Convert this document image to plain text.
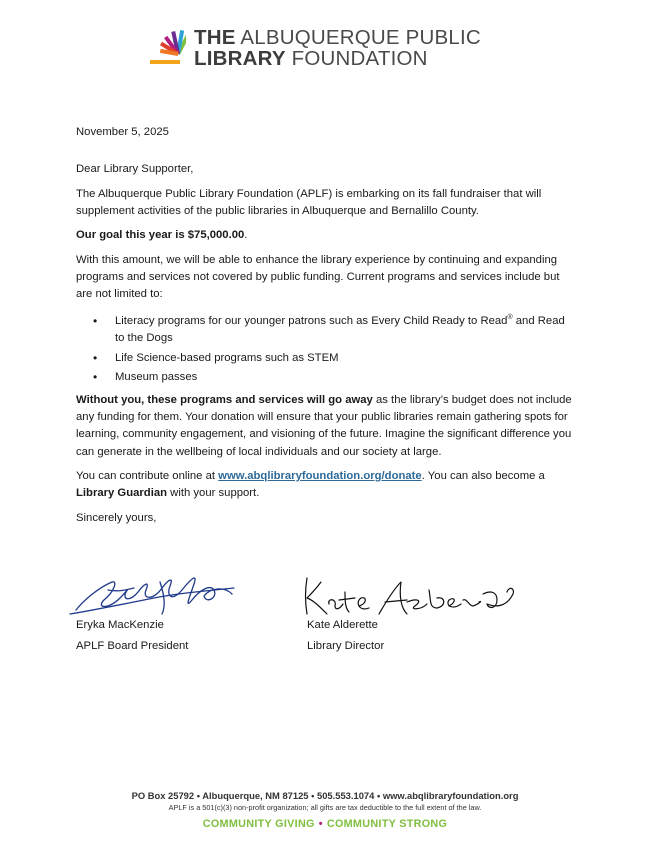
THE ALBUQUERQUE PUBLIC
LIBRARY FOUNDATION

November 5, 2025

Dear Library Supporter,

The Albuquerque Public Library Foundation (APLF) is embarking on its fall fundraiser that will supplement activities of the public libraries in Albuquerque and Bernalillo County.

Our goal this year is $75,000.00.

With this amount, we will be able to enhance the library experience by continuing and expanding programs and services not covered by public funding. Current programs and services include but are not limited to:

• Literacy programs for our younger patrons such as Every Child Ready to Read® and Read to the Dogs
• Life Science-based programs such as STEM
• Museum passes

Without you, these programs and services will go away as the library’s budget does not include any funding for them. Your donation will ensure that your public libraries remain gathering spots for learning, community engagement, and visioning of the future. Imagine the significant difference you can generate in the wellbeing of local individuals and our society at large.

You can contribute online at www.abqlibraryfoundation.org/donate. You can also become a Library Guardian with your support.

Sincerely yours,

Eryka MacKenzie
APLF Board President
Kate Alderette
Library Director
PO Box 25792 • Albuquerque, NM 87125 • 505.553.1074 • www.abqlibraryfoundation.org
APLF is a 501(c)(3) non-profit organization; all gifts are tax deductible to the full extent of the law.
COMMUNITY GIVING • COMMUNITY STRONG
